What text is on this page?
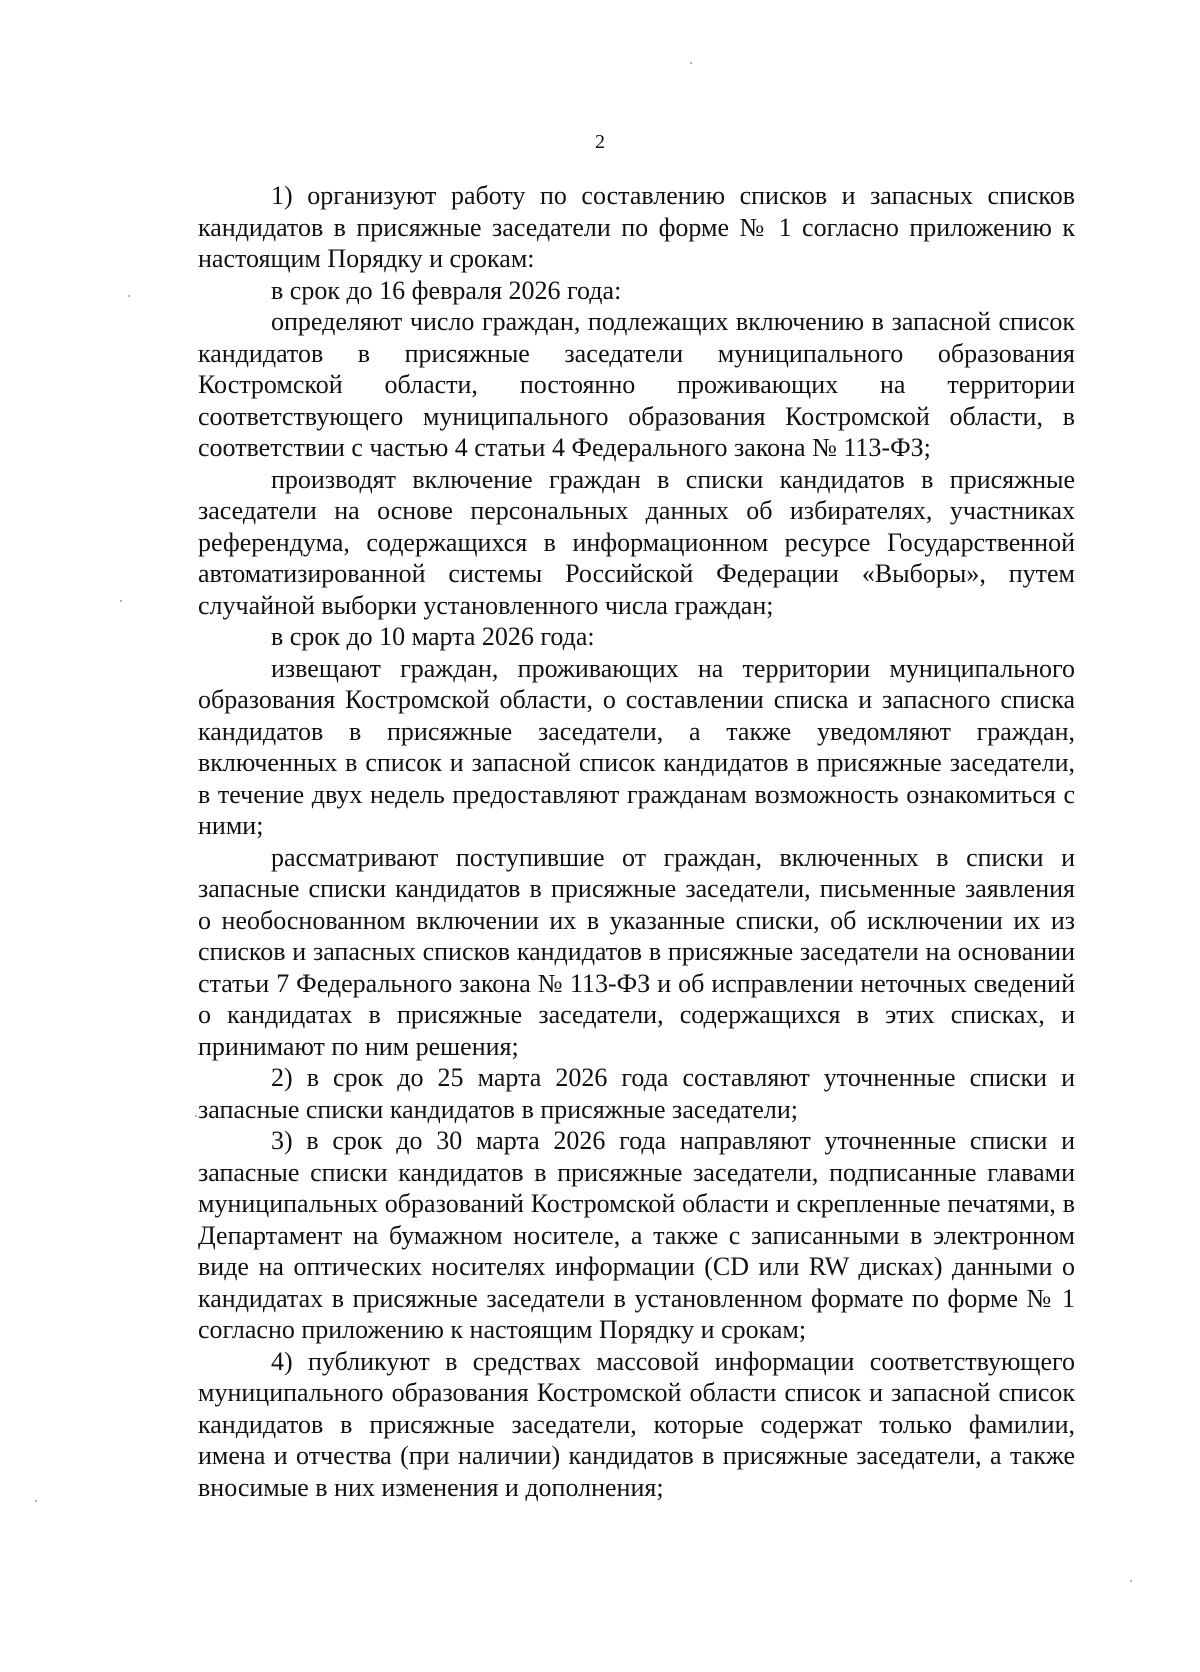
2

1) организуют работу по составлению списков и запасных списков кандидатов в присяжные заседатели по форме № 1 согласно приложению к настоящим Порядку и срокам:

в срок до 16 февраля 2026 года:

определяют число граждан, подлежащих включению в запасной список кандидатов в присяжные заседатели муниципального образования Костромской области, постоянно проживающих на территории соответствующего муниципального образования Костромской области, в соответствии с частью 4 статьи 4 Федерального закона № 113-ФЗ;

производят включение граждан в списки кандидатов в присяжные заседатели на основе персональных данных об избирателях, участниках референдума, содержащихся в информационном ресурсе Государственной автоматизированной системы Российской Федерации «Выборы», путем случайной выборки установленного числа граждан;

в срок до 10 марта 2026 года:

извещают граждан, проживающих на территории муниципального образования Костромской области, о составлении списка и запасного списка кандидатов в присяжные заседатели, а также уведомляют граждан, включенных в список и запасной список кандидатов в присяжные заседатели, в течение двух недель предоставляют гражданам возможность ознакомиться с ними;

рассматривают поступившие от граждан, включенных в списки и запасные списки кандидатов в присяжные заседатели, письменные заявления о необоснованном включении их в указанные списки, об исключении их из списков и запасных списков кандидатов в присяжные заседатели на основании статьи 7 Федерального закона № 113-ФЗ и об исправлении неточных сведений о кандидатах в присяжные заседатели, содержащихся в этих списках, и принимают по ним решения;

2) в срок до 25 марта 2026 года составляют уточненные списки и запасные списки кандидатов в присяжные заседатели;

3) в срок до 30 марта 2026 года направляют уточненные списки и запасные списки кандидатов в присяжные заседатели, подписанные главами муниципальных образований Костромской области и скрепленные печатями, в Департамент на бумажном носителе, а также с записанными в электронном виде на оптических носителях информации (CD или RW дисках) данными о кандидатах в присяжные заседатели в установленном формате по форме № 1 согласно приложению к настоящим Порядку и срокам;

4) публикуют в средствах массовой информации соответствующего муниципального образования Костромской области список и запасной список кандидатов в присяжные заседатели, которые содержат только фамилии, имена и отчества (при наличии) кандидатов в присяжные заседатели, а также вносимые в них изменения и дополнения;
